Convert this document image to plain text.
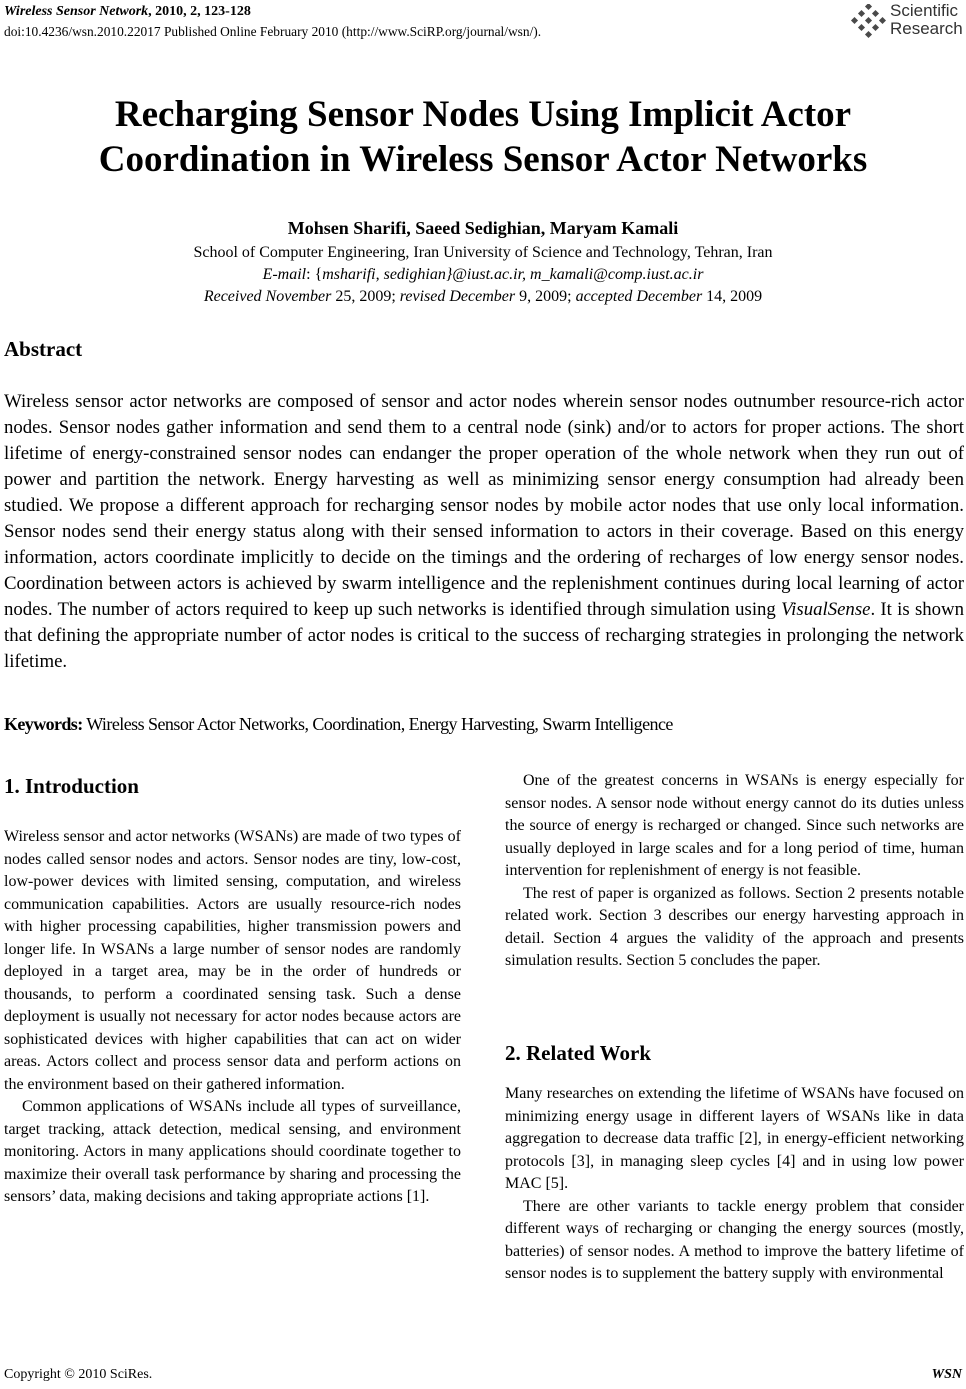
Wireless Sensor Network, 2010, 2, 123-128
doi:10.4236/wsn.2010.22017 Published Online February 2010 (http://www.SciRP.org/journal/wsn/).
Scientific
Research
Recharging Sensor Nodes Using Implicit Actor
Coordination in Wireless Sensor Actor Networks
Mohsen Sharifi, Saeed Sedighian, Maryam Kamali
School of Computer Engineering, Iran University of Science and Technology, Tehran, Iran
E-mail: {msharifi, sedighian}@iust.ac.ir, m_kamali@comp.iust.ac.ir
Received November 25, 2009; revised December 9, 2009; accepted December 14, 2009
Abstract
Wireless sensor actor networks are composed of sensor and actor nodes wherein sensor nodes outnumber resource-rich actor nodes. Sensor nodes gather information and send them to a central node (sink) and/or to actors for proper actions. The short lifetime of energy-constrained sensor nodes can endanger the proper operation of the whole network when they run out of power and partition the network. Energy harvesting as well as minimizing sensor energy consumption had already been studied. We propose a different approach for recharging sensor nodes by mobile actor nodes that use only local information. Sensor nodes send their energy status along with their sensed information to actors in their coverage. Based on this energy information, actors coordinate implicitly to decide on the timings and the ordering of recharges of low energy sensor nodes. Coordination between actors is achieved by swarm intelligence and the replenishment continues during local learning of actor nodes. The number of actors required to keep up such networks is identified through simulation using VisualSense. It is shown that defining the appropriate number of actor nodes is critical to the success of recharging strategies in prolonging the network lifetime.
Keywords: Wireless Sensor Actor Networks, Coordination, Energy Harvesting, Swarm Intelligence
1. Introduction

Wireless sensor and actor networks (WSANs) are made of two types of nodes called sensor nodes and actors. Sensor nodes are tiny, low-cost, low-power devices with limited sensing, computation, and wireless communication capabilities. Actors are usually resource-rich nodes with higher processing capabilities, higher transmission powers and longer life. In WSANs a large number of sensor nodes are randomly deployed in a target area, may be in the order of hundreds or thousands, to perform a coordinated sensing task. Such a dense deployment is usually not necessary for actor nodes because actors are sophisticated devices with higher capabilities that can act on wider areas. Actors collect and process sensor data and perform actions on the environment based on their gathered information.

Common applications of WSANs include all types of surveillance, target tracking, attack detection, medical sensing, and environment monitoring. Actors in many applications should coordinate together to maximize their overall task performance by sharing and processing the sensors’ data, making decisions and taking appropriate actions [1].

One of the greatest concerns in WSANs is energy especially for sensor nodes. A sensor node without energy cannot do its duties unless the source of energy is recharged or changed. Since such networks are usually deployed in large scales and for a long period of time, human intervention for replenishment of energy is not feasible.

The rest of paper is organized as follows. Section 2 presents notable related work. Section 3 describes our energy harvesting approach in detail. Section 4 argues the validity of the approach and presents simulation results. Section 5 concludes the paper.

2. Related Work

Many researches on extending the lifetime of WSANs have focused on minimizing energy usage in different layers of WSANs like in data aggregation to decrease data traffic [2], in energy-efficient networking protocols [3], in managing sleep cycles [4] and in using low power MAC [5].

There are other variants to tackle energy problem that consider different ways of recharging or changing the energy sources (mostly, batteries) of sensor nodes. A method to improve the battery lifetime of sensor nodes is to supplement the battery supply with environmental

Copyright © 2010 SciRes.	WSN
